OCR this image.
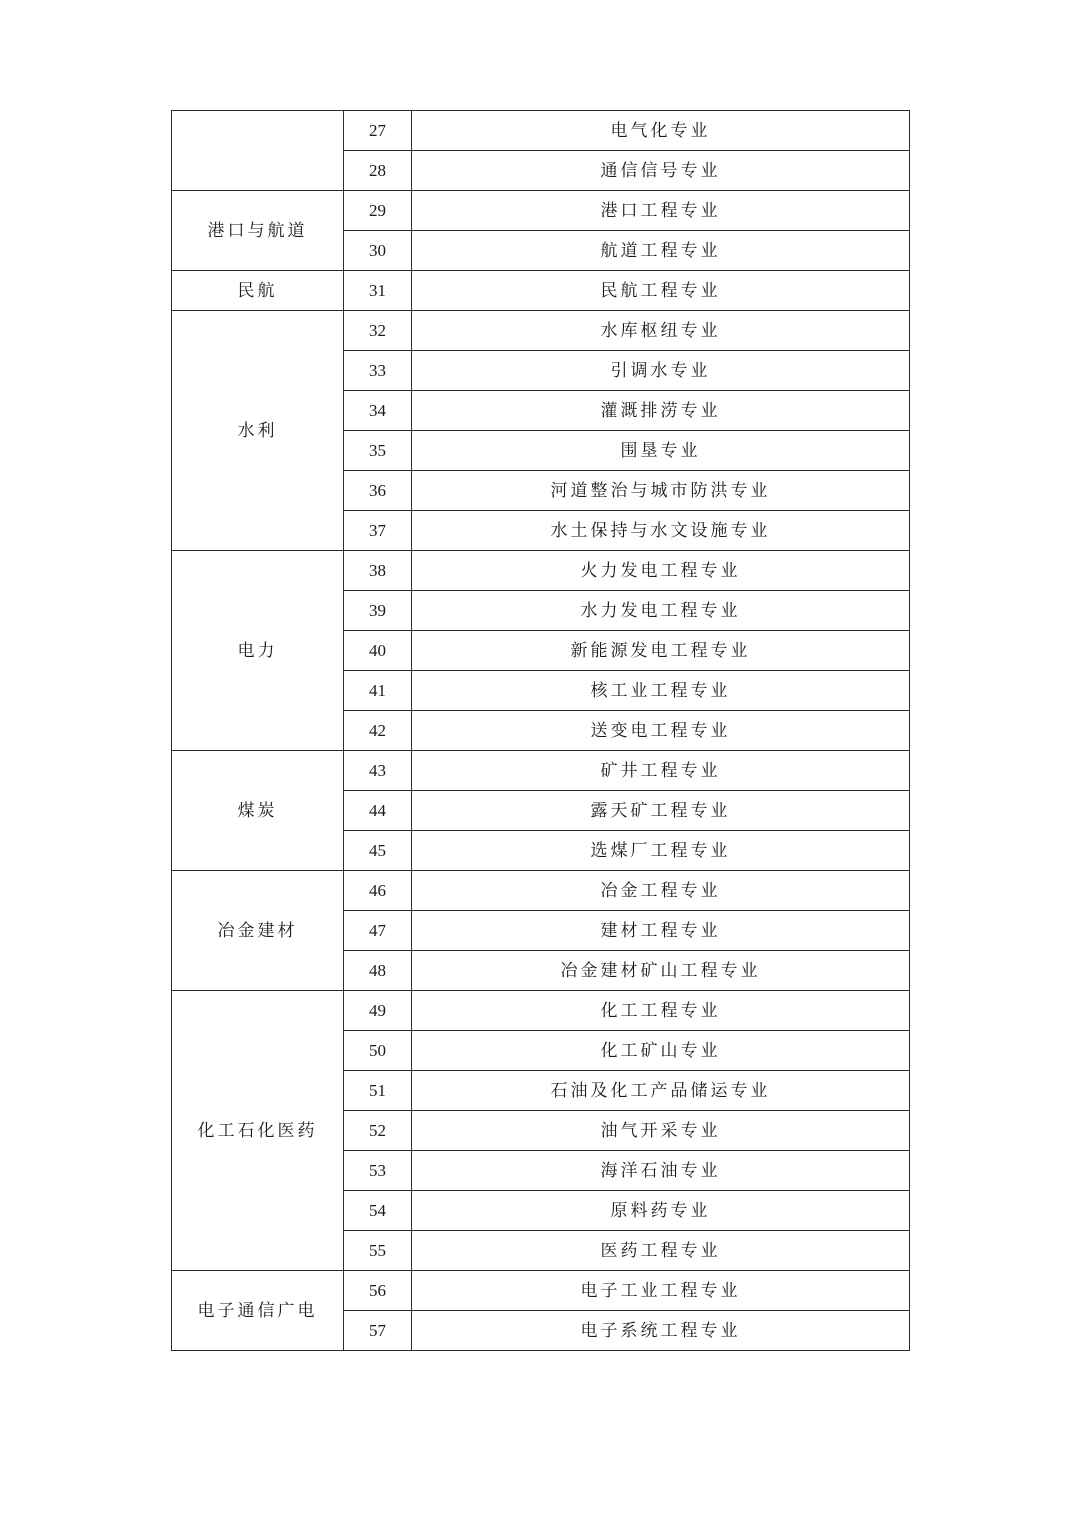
	27	电气化专业
	28	通信信号专业
港口与航道	29	港口工程专业
	30	航道工程专业
民航	31	民航工程专业
水利	32	水库枢纽专业
	33	引调水专业
	34	灌溉排涝专业
	35	围垦专业
	36	河道整治与城市防洪专业
	37	水土保持与水文设施专业
电力	38	火力发电工程专业
	39	水力发电工程专业
	40	新能源发电工程专业
	41	核工业工程专业
	42	送变电工程专业
煤炭	43	矿井工程专业
	44	露天矿工程专业
	45	选煤厂工程专业
冶金建材	46	冶金工程专业
	47	建材工程专业
	48	冶金建材矿山工程专业
化工石化医药	49	化工工程专业
	50	化工矿山专业
	51	石油及化工产品储运专业
	52	油气开采专业
	53	海洋石油专业
	54	原料药专业
	55	医药工程专业
电子通信广电	56	电子工业工程专业
	57	电子系统工程专业
